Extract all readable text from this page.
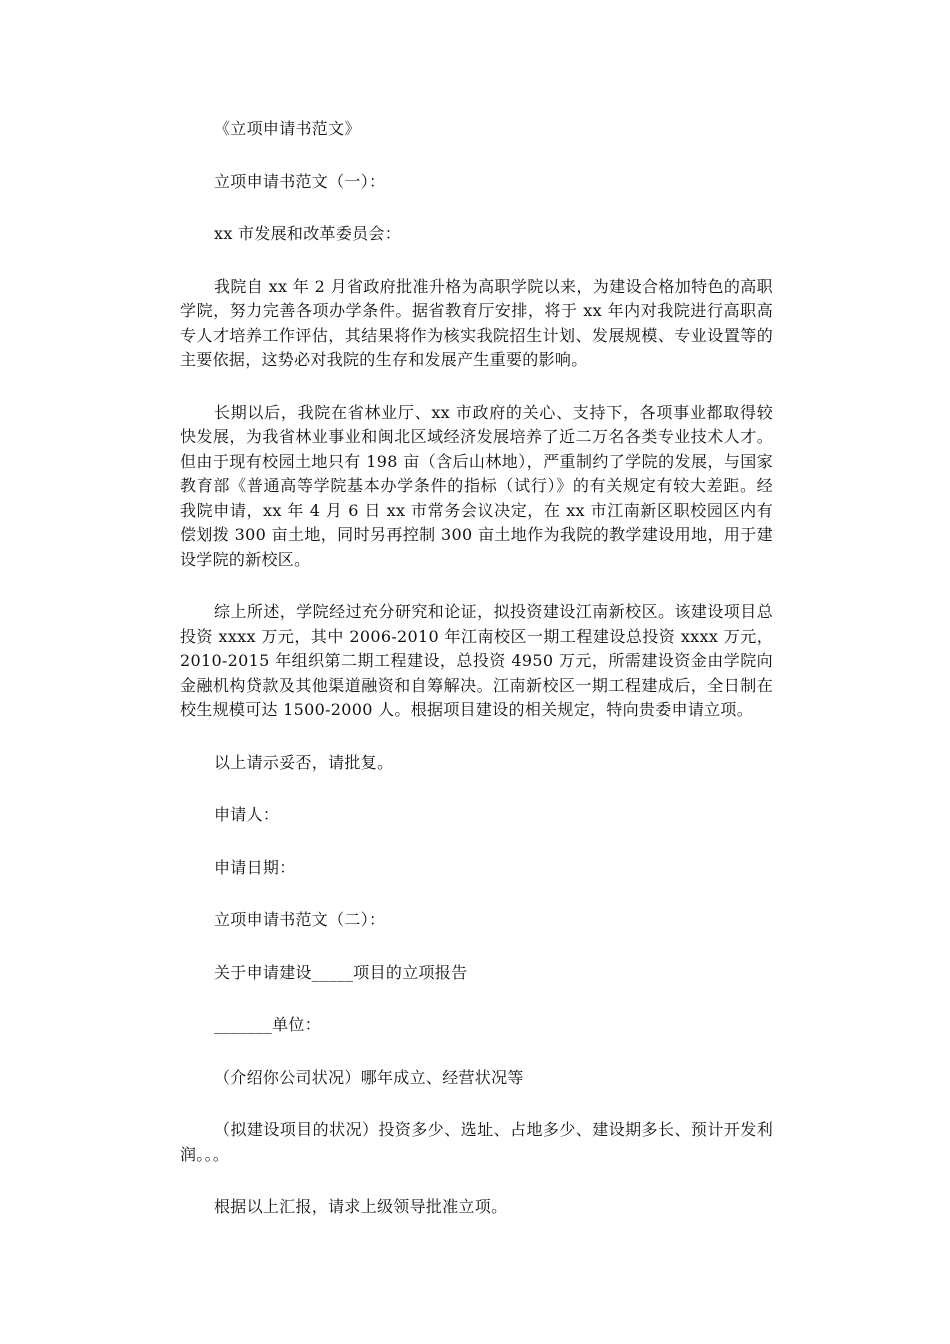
《立项申请书范文》

立项申请书范文（一）：

xx 市发展和改革委员会：

我院自 xx 年 2 月省政府批准升格为高职学院以来，为建设合格加特色的高职学院，努力完善各项办学条件。据省教育厅安排，将于 xx 年内对我院进行高职高专人才培养工作评估，其结果将作为核实我院招生计划、发展规模、专业设置等的主要依据，这势必对我院的生存和发展产生重要的影响。

长期以后，我院在省林业厅、xx 市政府的关心、支持下，各项事业都取得较快发展，为我省林业事业和闽北区域经济发展培养了近二万名各类专业技术人才。但由于现有校园土地只有 198 亩（含后山林地），严重制约了学院的发展，与国家教育部《普通高等学院基本办学条件的指标（试行）》的有关规定有较大差距。经我院申请，xx 年 4 月 6 日 xx 市常务会议决定，在 xx 市江南新区职校园区内有偿划拨 300 亩土地，同时另再控制 300 亩土地作为我院的教学建设用地，用于建设学院的新校区。

综上所述，学院经过充分研究和论证，拟投资建设江南新校区。该建设项目总投资 xxxx 万元，其中 2006-2010 年江南校区一期工程建设总投资 xxxx 万元，2010-2015 年组织第二期工程建设，总投资 4950 万元，所需建设资金由学院向金融机构贷款及其他渠道融资和自筹解决。江南新校区一期工程建成后，全日制在校生规模可达 1500-2000 人。根据项目建设的相关规定，特向贵委申请立项。

以上请示妥否，请批复。

申请人：

申请日期：

立项申请书范文（二）：

关于申请建设_____项目的立项报告

_______单位：

（介绍你公司状况）哪年成立、经营状况等

（拟建设项目的状况）投资多少、选址、占地多少、建设期多长、预计开发利润。。。

根据以上汇报，请求上级领导批准立项。
